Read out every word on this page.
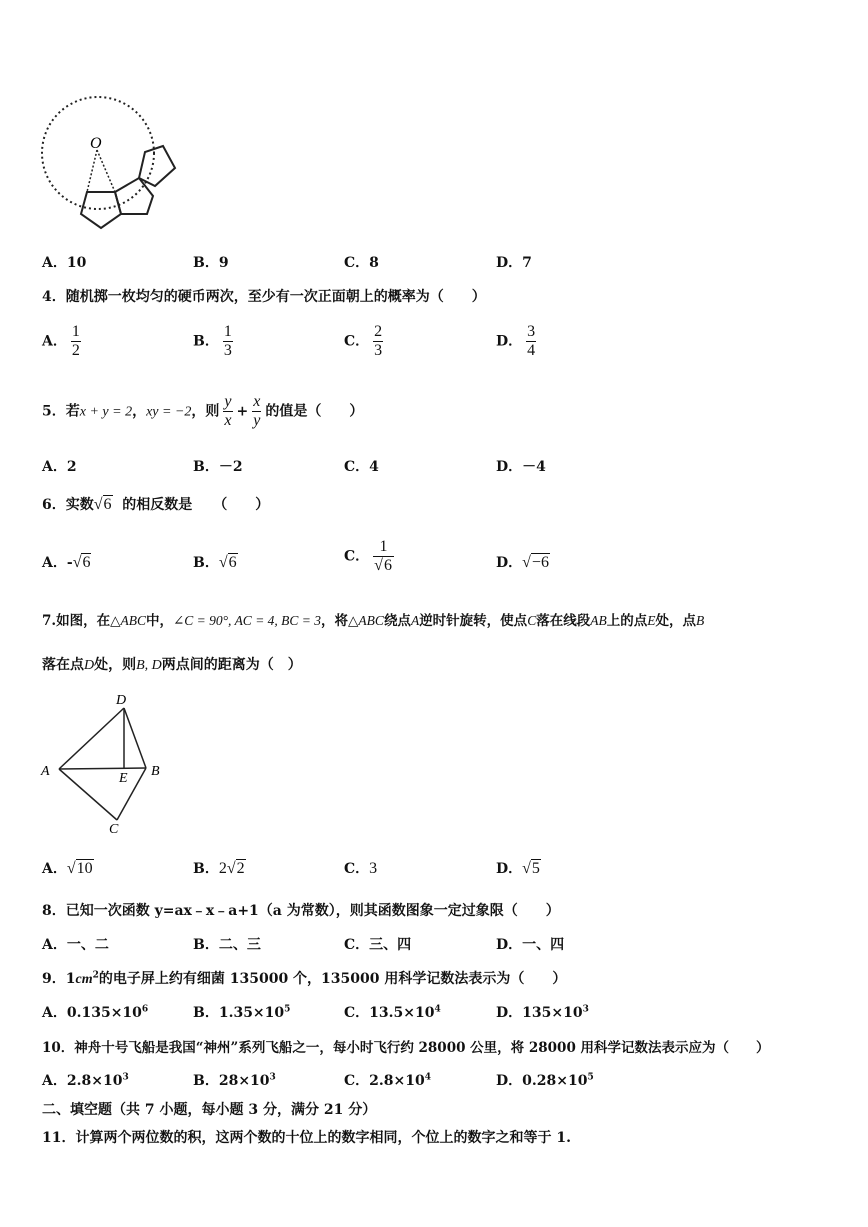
O
A．10	B．9	C．8	D．7
4．随机掷一枚均匀的硬币两次，至少有一次正面朝上的概率为（　　）
A． $\frac{1}{2}$	B． $\frac{1}{3}$	C． $\frac{2}{3}$	D． $\frac{3}{4}$
5．若x + y = 2，xy = −2，则 $\frac{y}{x} + \frac{x}{y}$ 的值是（　　）
A．2	B．－2	C．4	D．－4
6．实数√6 的相反数是　　（　　）
A．-√6	B．√6	C． $\frac{1}{√6}$	D．√−6
7.如图，在△ABC中，∠C = 90°, AC = 4, BC = 3，将△ABC绕点A逆时针旋转，使点C落在线段AB上的点E处，点B
落在点D处，则B, D两点间的距离为（　）
D
A	E B
C
A．√10	B．2√2	C．3	D．√5
8．已知一次函数 y=ax﹣x﹣a+1（a 为常数），则其函数图象一定过象限（　　）
A．一、二	B．二、三	C．三、四	D．一、四
9．$1cm^2$的电子屏上约有细菌 135000 个，135000 用科学记数法表示为（　　）
A．$0.135\times 10^6$	B．$1.35\times 10^5$	C．$13.5\times 10^4$	D．$135\times 10^3$
10．神舟十号飞船是我国“神州”系列飞船之一，每小时飞行约 28000 公里，将 28000 用科学记数法表示应为（　　）
A．$2.8\times 10^3$	B．$28\times 10^3$	C．$2.8\times 10^4$	D．$0.28\times 10^5$
二、填空题（共 7 小题，每小题 3 分，满分 21 分）
11．计算两个两位数的积，这两个数的十位上的数字相同，个位上的数字之和等于 1.
